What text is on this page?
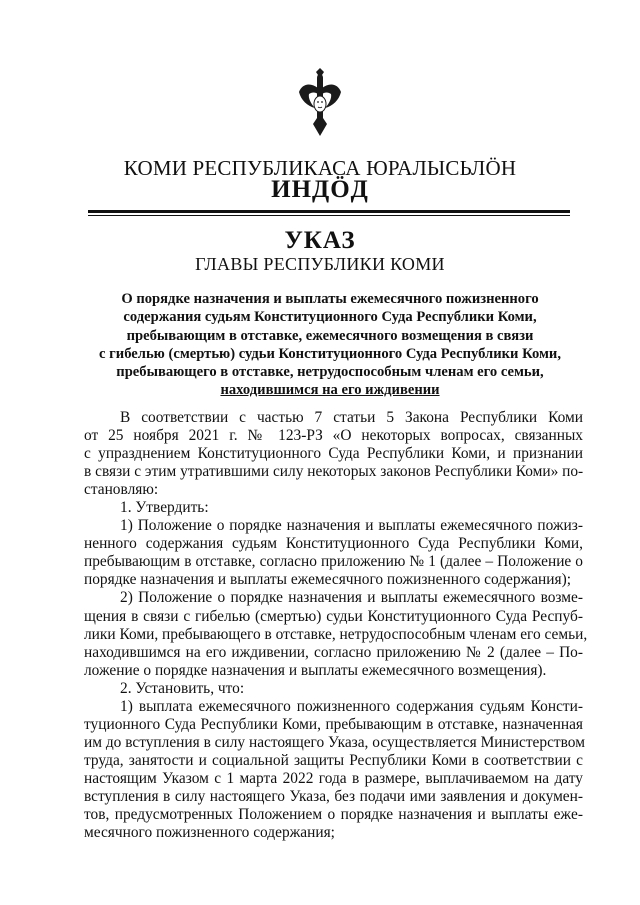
КОМИ РЕСПУБЛИКАСА ЮРАЛЫСЬЛӦН
ИНДӦД
УКАЗ
ГЛАВЫ РЕСПУБЛИКИ КОМИ
О порядке назначения и выплаты ежемесячного пожизненного
содержания судьям Конституционного Суда Республики Коми,
пребывающим в отставке, ежемесячного возмещения в связи
с гибелью (смертью) судьи Конституционного Суда Республики Коми,
пребывающего в отставке, нетрудоспособным членам его семьи,
находившимся на его иждивении
В соответствии с частью 7 статьи 5 Закона Республики Коми
от 25 ноября 2021 г. № 123-РЗ «О некоторых вопросах, связанных
с упразднением Конституционного Суда Республики Коми, и признании
в связи с этим утратившими силу некоторых законов Республики Коми» по-
становляю:
1. Утвердить:
1) Положение о порядке назначения и выплаты ежемесячного пожиз-
ненного содержания судьям Конституционного Суда Республики Коми,
пребывающим в отставке, согласно приложению № 1 (далее – Положение о
порядке назначения и выплаты ежемесячного пожизненного содержания);
2) Положение о порядке назначения и выплаты ежемесячного возме-
щения в связи с гибелью (смертью) судьи Конституционного Суда Респуб-
лики Коми, пребывающего в отставке, нетрудоспособным членам его семьи,
находившимся на его иждивении, согласно приложению № 2 (далее – По-
ложение о порядке назначения и выплаты ежемесячного возмещения).
2. Установить, что:
1) выплата ежемесячного пожизненного содержания судьям Консти-
туционного Суда Республики Коми, пребывающим в отставке, назначенная
им до вступления в силу настоящего Указа, осуществляется Министерством
труда, занятости и социальной защиты Республики Коми в соответствии с
настоящим Указом с 1 марта 2022 года в размере, выплачиваемом на дату
вступления в силу настоящего Указа, без подачи ими заявления и докумен-
тов, предусмотренных Положением о порядке назначения и выплаты ежe-
месячного пожизненного содержания;
